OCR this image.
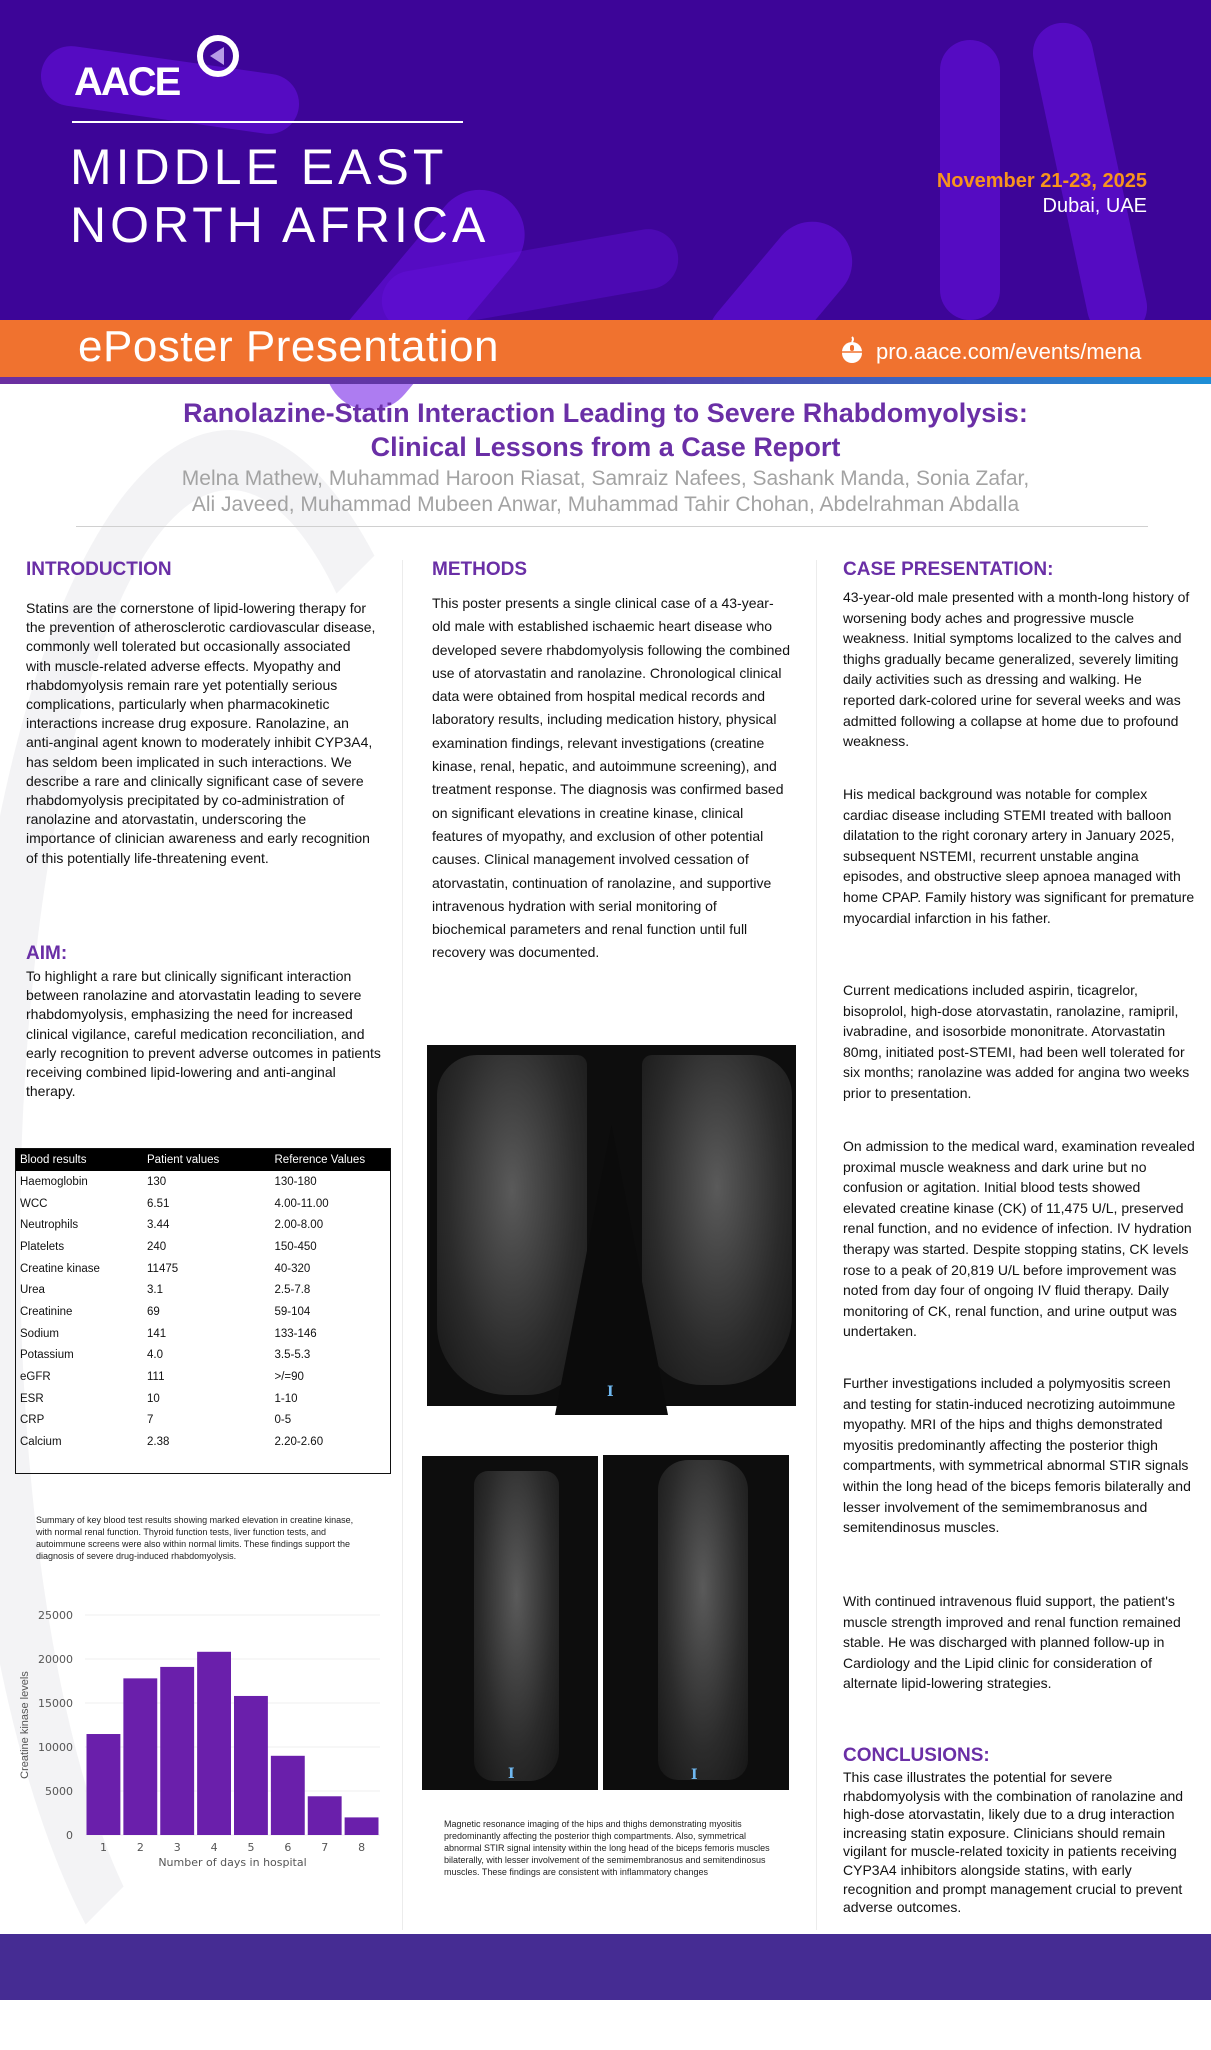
AACE
MIDDLE EAST
NORTH AFRICA
November 21-23, 2025
Dubai, UAE
ePoster Presentation	pro.aace.com/events/mena
Ranolazine-Statin Interaction Leading to Severe Rhabdomyolysis:
Clinical Lessons from a Case Report
Melna Mathew, Muhammad Haroon Riasat, Samraiz Nafees, Sashank Manda, Sonia Zafar,
Ali Javeed, Muhammad Mubeen Anwar, Muhammad Tahir Chohan, Abdelrahman Abdalla
INTRODUCTION
Statins are the cornerstone of lipid-lowering therapy for the prevention of atherosclerotic cardiovascular disease, commonly well tolerated but occasionally associated with muscle-related adverse effects. Myopathy and rhabdomyolysis remain rare yet potentially serious complications, particularly when pharmacokinetic interactions increase drug exposure. Ranolazine, an anti-anginal agent known to moderately inhibit CYP3A4, has seldom been implicated in such interactions. We describe a rare and clinically significant case of severe rhabdomyolysis precipitated by co-administration of ranolazine and atorvastatin, underscoring the importance of clinician awareness and early recognition of this potentially life-threatening event.
AIM:
To highlight a rare but clinically significant interaction between ranolazine and atorvastatin leading to severe rhabdomyolysis, emphasizing the need for increased clinical vigilance, careful medication reconciliation, and early recognition to prevent adverse outcomes in patients receiving combined lipid-lowering and anti-anginal therapy.
Blood results	Patient values	Reference Values
Haemoglobin	130	130-180
WCC	6.51	4.00-11.00
Neutrophils	3.44	2.00-8.00
Platelets	240	150-450
Creatine kinase	11475	40-320
Urea	3.1	2.5-7.8
Creatinine	69	59-104
Sodium	141	133-146
Potassium	4.0	3.5-5.3
eGFR	111	>/=90
ESR	10	1-10
CRP	7	0-5
Calcium	2.38	2.20-2.60

Summary of key blood test results showing marked elevation in creatine kinase, with normal renal function. Thyroid function tests, liver function tests, and autoimmune screens were also within normal limits. These findings support the diagnosis of severe drug-induced rhabdomyolysis.
0
5000
10000
15000
20000
25000
1	2	3	4	5	6	7	8
Number of days in hospital
Creatine kinase levels
METHODS
This poster presents a single clinical case of a 43-year-old male with established ischaemic heart disease who developed severe rhabdomyolysis following the combined use of atorvastatin and ranolazine. Chronological clinical data were obtained from hospital medical records and laboratory results, including medication history, physical examination findings, relevant investigations (creatine kinase, renal, hepatic, and autoimmune screening), and treatment response. The diagnosis was confirmed based on significant elevations in creatine kinase, clinical features of myopathy, and exclusion of other potential causes. Clinical management involved cessation of atorvastatin, continuation of ranolazine, and supportive intravenous hydration with serial monitoring of biochemical parameters and renal function until full recovery was documented.
I
I	I
Magnetic resonance imaging of the hips and thighs demonstrating myositis predominantly affecting the posterior thigh compartments. Also, symmetrical abnormal STIR signal intensity within the long head of the biceps femoris muscles bilaterally, with lesser involvement of the semimembranosus and semitendinosus muscles. These findings are consistent with inflammatory changes
CASE PRESENTATION:
43-year-old male presented with a month-long history of worsening body aches and progressive muscle weakness. Initial symptoms localized to the calves and thighs gradually became generalized, severely limiting daily activities such as dressing and walking. He reported dark-colored urine for several weeks and was admitted following a collapse at home due to profound weakness.
His medical background was notable for complex cardiac disease including STEMI treated with balloon dilatation to the right coronary artery in January 2025, subsequent NSTEMI, recurrent unstable angina episodes, and obstructive sleep apnoea managed with home CPAP. Family history was significant for premature myocardial infarction in his father.
Current medications included aspirin, ticagrelor, bisoprolol, high-dose atorvastatin, ranolazine, ramipril, ivabradine, and isosorbide mononitrate. Atorvastatin 80mg, initiated post-STEMI, had been well tolerated for six months; ranolazine was added for angina two weeks prior to presentation.
On admission to the medical ward, examination revealed proximal muscle weakness and dark urine but no confusion or agitation. Initial blood tests showed elevated creatine kinase (CK) of 11,475 U/L, preserved renal function, and no evidence of infection. IV hydration therapy was started. Despite stopping statins, CK levels rose to a peak of 20,819 U/L before improvement was noted from day four of ongoing IV fluid therapy. Daily monitoring of CK, renal function, and urine output was undertaken.
Further investigations included a polymyositis screen and testing for statin-induced necrotizing autoimmune myopathy. MRI of the hips and thighs demonstrated myositis predominantly affecting the posterior thigh compartments, with symmetrical abnormal STIR signals within the long head of the biceps femoris bilaterally and lesser involvement of the semimembranosus and semitendinosus muscles.
With continued intravenous fluid support, the patient's muscle strength improved and renal function remained stable. He was discharged with planned follow-up in Cardiology and the Lipid clinic for consideration of alternate lipid-lowering strategies.
CONCLUSIONS:
This case illustrates the potential for severe rhabdomyolysis with the combination of ranolazine and high-dose atorvastatin, likely due to a drug interaction increasing statin exposure. Clinicians should remain vigilant for muscle-related toxicity in patients receiving CYP3A4 inhibitors alongside statins, with early recognition and prompt management crucial to prevent adverse outcomes.
